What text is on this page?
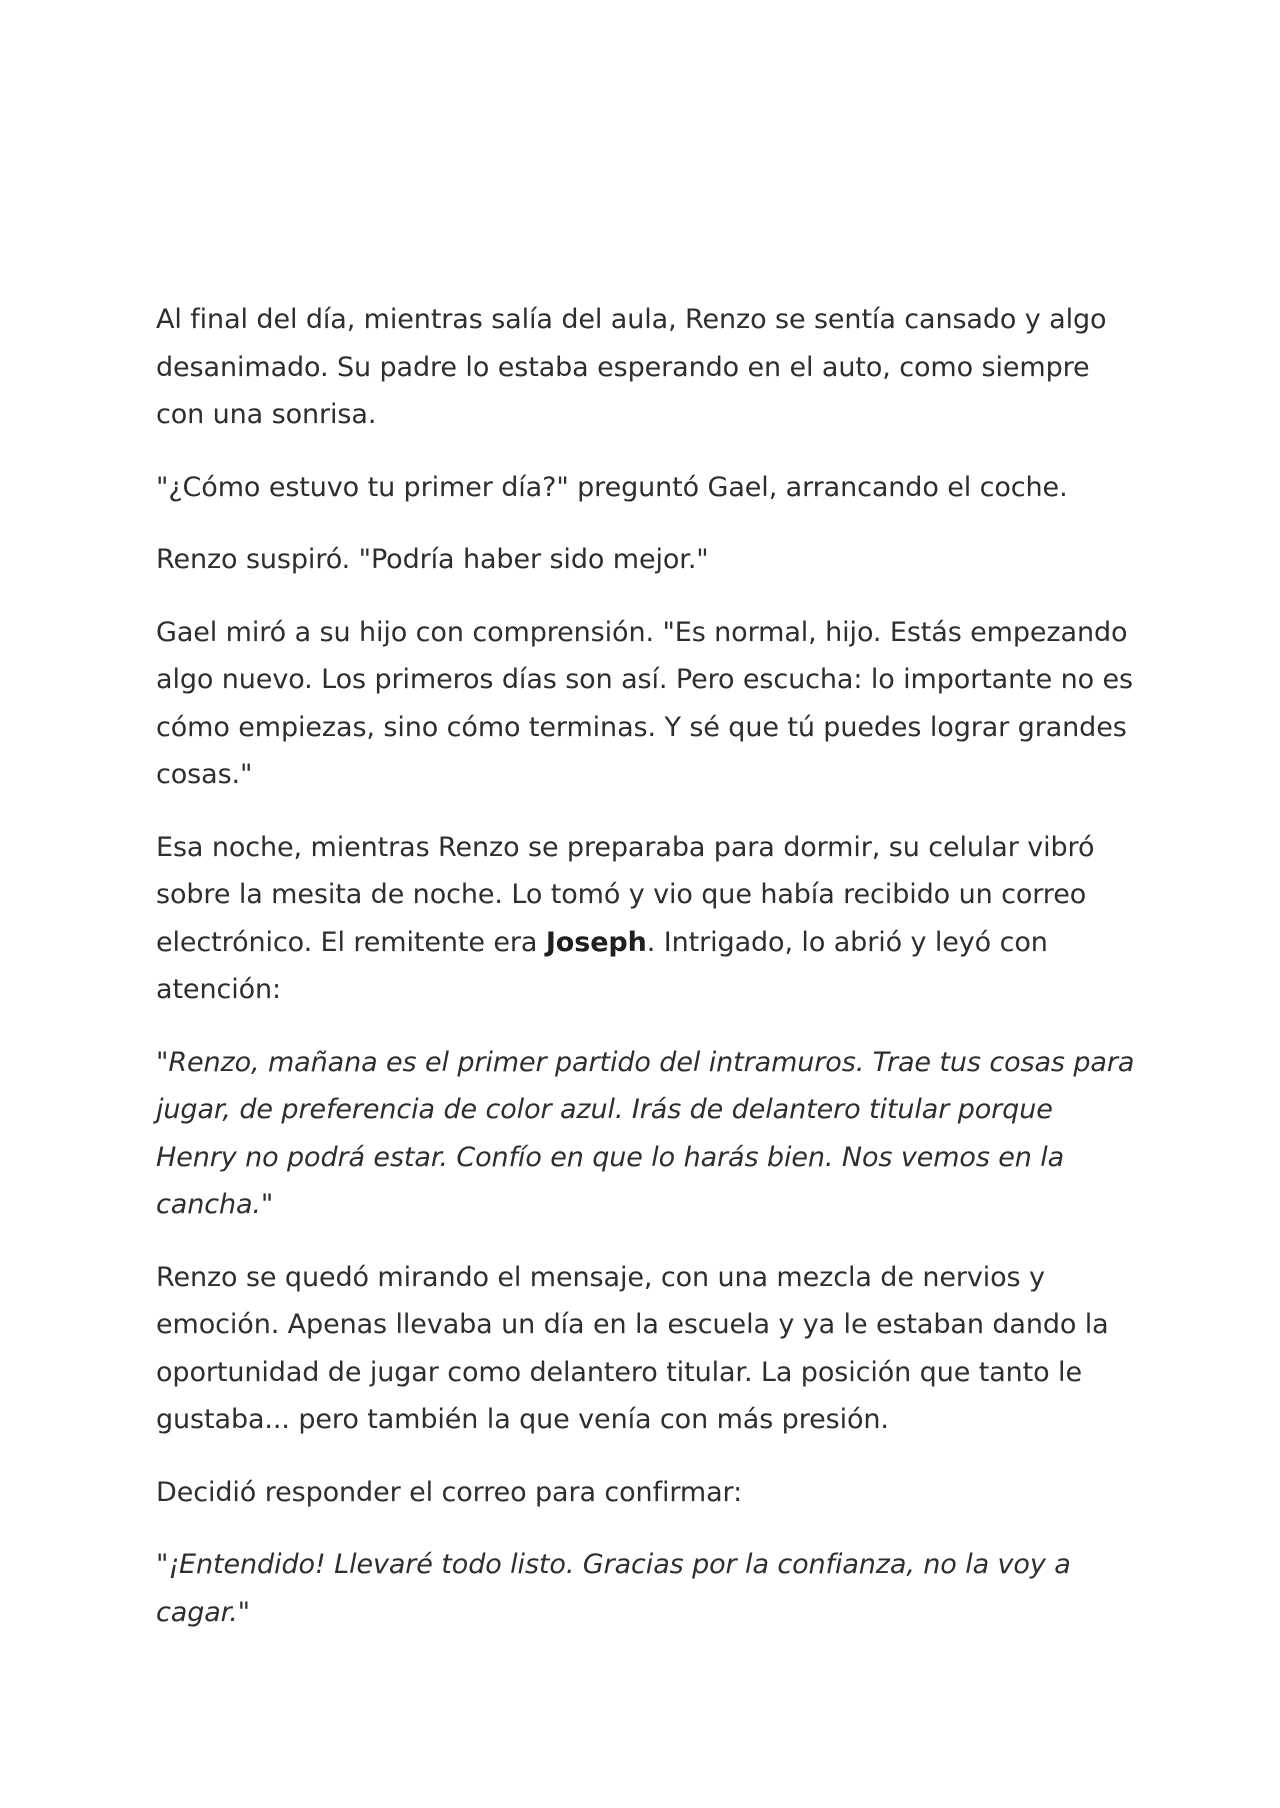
Al final del día, mientras salía del aula, Renzo se sentía cansado y algo desanimado. Su padre lo estaba esperando en el auto, como siempre con una sonrisa.

"¿Cómo estuvo tu primer día?" preguntó Gael, arrancando el coche.

Renzo suspiró. "Podría haber sido mejor."

Gael miró a su hijo con comprensión. "Es normal, hijo. Estás empezando algo nuevo. Los primeros días son así. Pero escucha: lo importante no es cómo empiezas, sino cómo terminas. Y sé que tú puedes lograr grandes cosas."

Esa noche, mientras Renzo se preparaba para dormir, su celular vibró sobre la mesita de noche. Lo tomó y vio que había recibido un correo electrónico. El remitente era Joseph. Intrigado, lo abrió y leyó con atención:

"Renzo, mañana es el primer partido del intramuros. Trae tus cosas para jugar, de preferencia de color azul. Irás de delantero titular porque Henry no podrá estar. Confío en que lo harás bien. Nos vemos en la cancha."

Renzo se quedó mirando el mensaje, con una mezcla de nervios y emoción. Apenas llevaba un día en la escuela y ya le estaban dando la oportunidad de jugar como delantero titular. La posición que tanto le gustaba... pero también la que venía con más presión.

Decidió responder el correo para confirmar:

"¡Entendido! Llevaré todo listo. Gracias por la confianza, no la voy a cagar."
